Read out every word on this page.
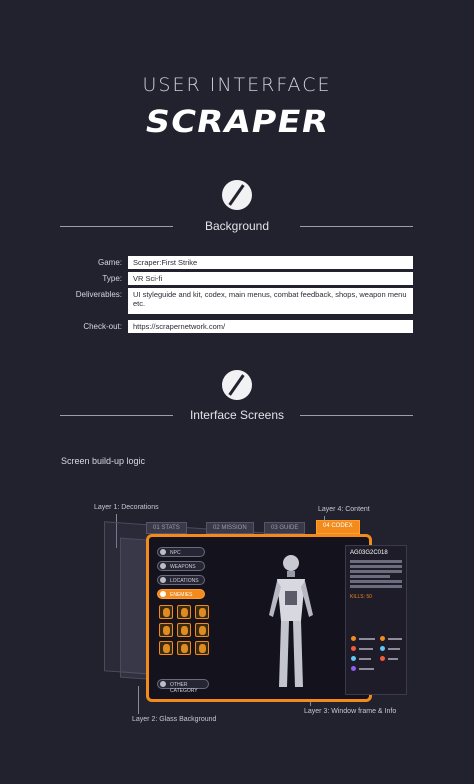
USER INTERFACE
SCRAPER
Background
Game:	Scraper:First Strike
Type:	VR Sci-fi
Deliverables:	UI styleguide and kit, codex, main menus, combat feedback, shops, weapon menu etc.
Check-out:	https://scrapernetwork.com/
Interface Screens
Screen build-up logic
Layer 1: Decorations	Layer 4: Content
Layer 2: Glass Background
Layer 3: Window frame & Info
01 STATS	02 MISSION	03 GUIDE	04 CODEX
NPC
WEAPONS
LOCATIONS
ENEMIES
OTHER CATEGORY
AG03G2C018
KILLS: 50
